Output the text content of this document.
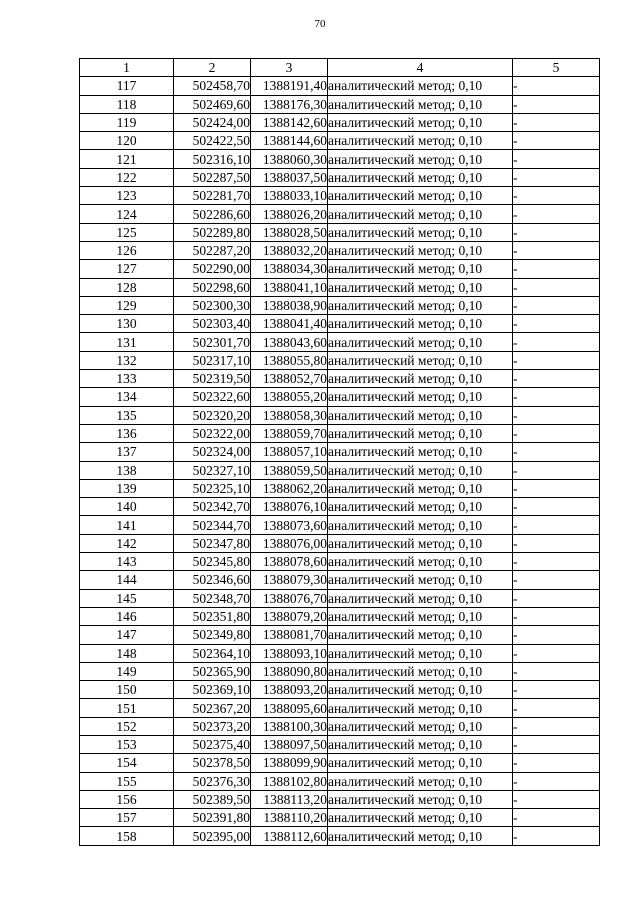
70
1	2	3	4	5
117	502458,70	1388191,40	аналитический метод; 0,10	-
118	502469,60	1388176,30	аналитический метод; 0,10	-
119	502424,00	1388142,60	аналитический метод; 0,10	-
120	502422,50	1388144,60	аналитический метод; 0,10	-
121	502316,10	1388060,30	аналитический метод; 0,10	-
122	502287,50	1388037,50	аналитический метод; 0,10	-
123	502281,70	1388033,10	аналитический метод; 0,10	-
124	502286,60	1388026,20	аналитический метод; 0,10	-
125	502289,80	1388028,50	аналитический метод; 0,10	-
126	502287,20	1388032,20	аналитический метод; 0,10	-
127	502290,00	1388034,30	аналитический метод; 0,10	-
128	502298,60	1388041,10	аналитический метод; 0,10	-
129	502300,30	1388038,90	аналитический метод; 0,10	-
130	502303,40	1388041,40	аналитический метод; 0,10	-
131	502301,70	1388043,60	аналитический метод; 0,10	-
132	502317,10	1388055,80	аналитический метод; 0,10	-
133	502319,50	1388052,70	аналитический метод; 0,10	-
134	502322,60	1388055,20	аналитический метод; 0,10	-
135	502320,20	1388058,30	аналитический метод; 0,10	-
136	502322,00	1388059,70	аналитический метод; 0,10	-
137	502324,00	1388057,10	аналитический метод; 0,10	-
138	502327,10	1388059,50	аналитический метод; 0,10	-
139	502325,10	1388062,20	аналитический метод; 0,10	-
140	502342,70	1388076,10	аналитический метод; 0,10	-
141	502344,70	1388073,60	аналитический метод; 0,10	-
142	502347,80	1388076,00	аналитический метод; 0,10	-
143	502345,80	1388078,60	аналитический метод; 0,10	-
144	502346,60	1388079,30	аналитический метод; 0,10	-
145	502348,70	1388076,70	аналитический метод; 0,10	-
146	502351,80	1388079,20	аналитический метод; 0,10	-
147	502349,80	1388081,70	аналитический метод; 0,10	-
148	502364,10	1388093,10	аналитический метод; 0,10	-
149	502365,90	1388090,80	аналитический метод; 0,10	-
150	502369,10	1388093,20	аналитический метод; 0,10	-
151	502367,20	1388095,60	аналитический метод; 0,10	-
152	502373,20	1388100,30	аналитический метод; 0,10	-
153	502375,40	1388097,50	аналитический метод; 0,10	-
154	502378,50	1388099,90	аналитический метод; 0,10	-
155	502376,30	1388102,80	аналитический метод; 0,10	-
156	502389,50	1388113,20	аналитический метод; 0,10	-
157	502391,80	1388110,20	аналитический метод; 0,10	-
158	502395,00	1388112,60	аналитический метод; 0,10	-
